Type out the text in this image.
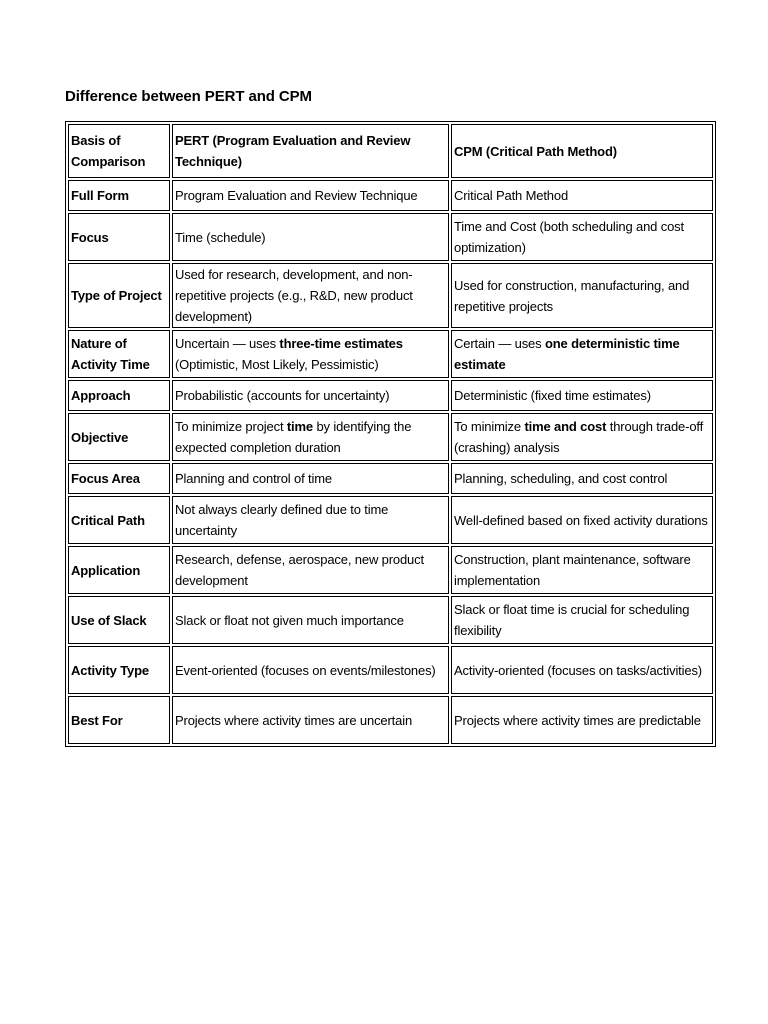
Difference between PERT and CPM
Basis of Comparison	PERT (Program Evaluation and Review Technique)	CPM (Critical Path Method)
Full Form	Program Evaluation and Review Technique	Critical Path Method
Focus	Time (schedule)	Time and Cost (both scheduling and cost optimization)
Type of Project	Used for research, development, and non-repetitive projects (e.g., R&D, new product development)	Used for construction, manufacturing, and repetitive projects
Nature of Activity Time	Uncertain — uses three-time estimates (Optimistic, Most Likely, Pessimistic)	Certain — uses one deterministic time estimate
Approach	Probabilistic (accounts for uncertainty)	Deterministic (fixed time estimates)
Objective	To minimize project time by identifying the expected completion duration	To minimize time and cost through trade-off (crashing) analysis
Focus Area	Planning and control of time	Planning, scheduling, and cost control
Critical Path	Not always clearly defined due to time uncertainty	Well-defined based on fixed activity durations
Application	Research, defense, aerospace, new product development	Construction, plant maintenance, software implementation
Use of Slack	Slack or float not given much importance	Slack or float time is crucial for scheduling flexibility
Activity Type	Event-oriented (focuses on events/milestones)	Activity-oriented (focuses on tasks/activities)
Best For	Projects where activity times are uncertain	Projects where activity times are predictable
